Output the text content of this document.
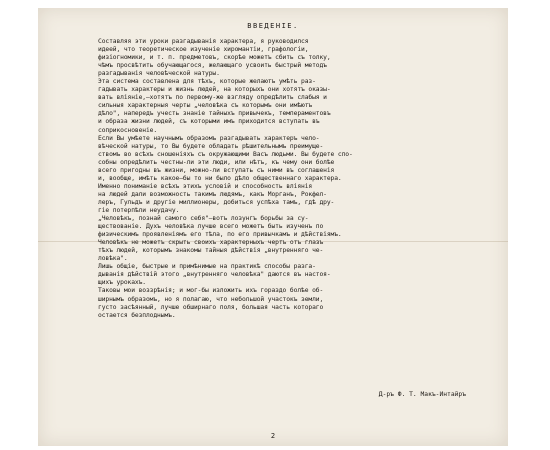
ВВЕДЕНIЕ.
Составляя эти уроки разгадыванiя характера, я руководился
идеей, что теоретическое изученiе хиромантiи, графологiи,
физiогномики, и т. п. предметовъ, скорѣе можетъ сбить съ толку,
чѣмъ просвѣтить обучающагося, желающаго усвоить быстрый методъ
разгадыванiя человѣческой натуры.
Эта система составлена для тѣхъ, которые желаютъ умѣть раз-
гадывать характеры и жизнь людей, на которыхъ они хотятъ оказы-
вать влiянiе,—хотятъ по первому-же взгляду опредѣлить слабыя и
сильныя характерныя черты „человѣка съ которымъ они имѣютъ
дѣло", напередъ учесть знанiе тайныхъ привычекъ, темпераментовъ
и образа жизни людей, съ которыми имъ приходится вступать въ
соприкосновенiе.
Если Вы умѣете научнымъ образомъ разгадывать характеръ чело-
вѣческой натуры, то Вы будете обладать рѣшительнымъ преимуще-
ствомъ во всѣхъ сношенiяхъ съ окружающими Васъ людьми. Вы будете спо-
собны опредѣлить честны-ли эти люди, или нѣтъ, къ чему они болѣе
всего пригодны въ жизни, можно-ли вступать съ ними въ соглашенiя
и, вообще, имѣть какое—бы то ни было дѣло общественнаго характера.
Именно пониманiе всѣхъ этихъ условiй и способность влiянiя
на людей дали возможность такимъ людямъ, какъ Морганъ, Рокфел-
леръ, Гульдъ и другiе миллионеры, добиться успѣха тамъ, гдѣ дру-
гiе потерпѣли неудачу.
„Человѣкъ, познай самого себя"—вотъ лозунгъ борьбы за су-
ществованiе. Духъ человѣка лучше всего можетъ быть изученъ по
физическимъ проявленiямъ его тѣла, по его привычкамъ и дѣйствiямъ.
Человѣкъ не можетъ скрыть своихъ характерныхъ чертъ отъ глазъ
тѣхъ людей, которымъ знакомы тайныя дѣйствiя „внутренняго че-
ловѣка".
Лишь общiе, быстрые и примѣнимые на практикѣ способы разга-
дыванiя дѣйствiй этого „внутренняго человѣка" даются въ настоя-
щихъ урокахъ.
Таковы мои воззрѣнiя; и мог-бы изложить ихъ гораздо болѣе об-
ширнымъ образомъ, но я полагаю, что небольшой участокъ земли,
густо засѣянный, лучше обширнаго поля, большая часть котораго
остается безплоднымъ.
Д-ръ Ф. Т. Макъ-Интайръ
2
